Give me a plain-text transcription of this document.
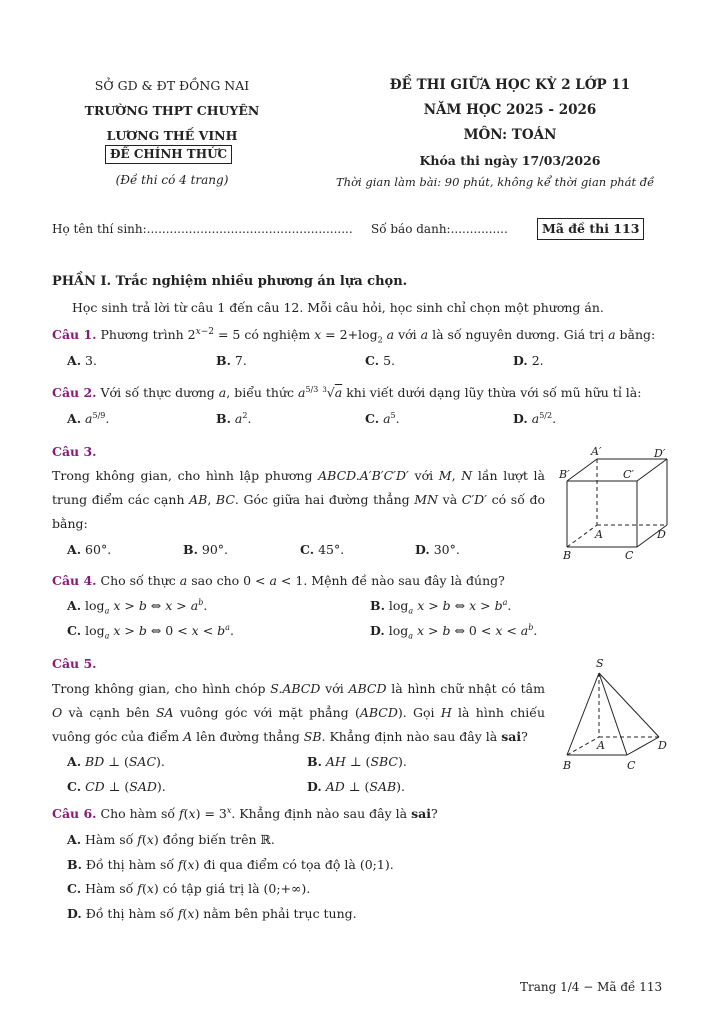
SỞ GD & ĐT ĐỒNG NAI
TRƯỜNG THPT CHUYÊN
LƯƠNG THẾ VINH
ĐỀ CHÍNH THỨC
(Đề thi có 4 trang)
ĐỀ THI GIỮA HỌC KỲ 2 LỚP 11
NĂM HỌC 2025 - 2026
MÔN: TOÁN
Khóa thi ngày 17/03/2026
Thời gian làm bài: 90 phút, không kể thời gian phát đề
Họ tên thí sinh:...................................................... Số báo danh:...............	Mã đề thi 113
PHẦN I. Trắc nghiệm nhiều phương án lựa chọn.
Học sinh trả lời từ câu 1 đến câu 12. Mỗi câu hỏi, học sinh chỉ chọn một phương án.
Câu 1. Phương trình $2^{x-2} = 5$ có nghiệm $x = 2+\log_2$ a với a là số nguyên dương. Giá trị a bằng:
A. 3.	B. 7.	C. 5.	D. 2.
Câu 2. Với số thực dương a, biểu thức $a^{5/3}$ $^3$√a khi viết dưới dạng lũy thừa với số mũ hữu tỉ là:
A. $a^{5/9}$.	B. $a^2$.	C. $a^5$.	D. $a^{5/2}$.
Câu 3.
Trong không gian, cho hình lập phương ABCD.A′B′C′D′ với M, N lần lượt là trung điểm các cạnh AB, BC. Góc giữa hai đường thẳng MN và C′D′ có số đo bằng:
A. 60°.	B. 90°.	C. 45°.	D. 30°.
A′	D′
B′	C′
A	D
B	C
Câu 4. Cho số thực a sao cho 0 < a < 1. Mệnh đề nào sau đây là đúng?
A. $\log_a x > b$ ⇔ $x > a^b$.	B. $\log_a x > b$ ⇔ $x > b^a$.
C. $\log_a x > b$ ⇔ $0 < x < b^a$.	D. $\log_a x > b$ ⇔ $0 < x < a^b$.
Câu 5.
Trong không gian, cho hình chóp S.ABCD với ABCD là hình chữ nhật có tâm O và cạnh bên SA vuông góc với mặt phẳng (ABCD). Gọi H là hình chiếu vuông góc của điểm A lên đường thẳng SB. Khẳng định nào sau đây là sai?
A. BD ⊥ (SAC).	B. AH ⊥ (SBC).
C. CD ⊥ (SAD).	D. AD ⊥ (SAB).
S
A	D
B	C
Câu 6. Cho hàm số $f(x) = 3^x$. Khẳng định nào sau đây là sai?
A. Hàm số f(x) đồng biến trên ℝ.
B. Đồ thị hàm số f(x) đi qua điểm có tọa độ là (0;1).
C. Hàm số f(x) có tập giá trị là (0;+∞).
D. Đồ thị hàm số f(x) nằm bên phải trục tung.
Trang 1/4 − Mã đề 113
